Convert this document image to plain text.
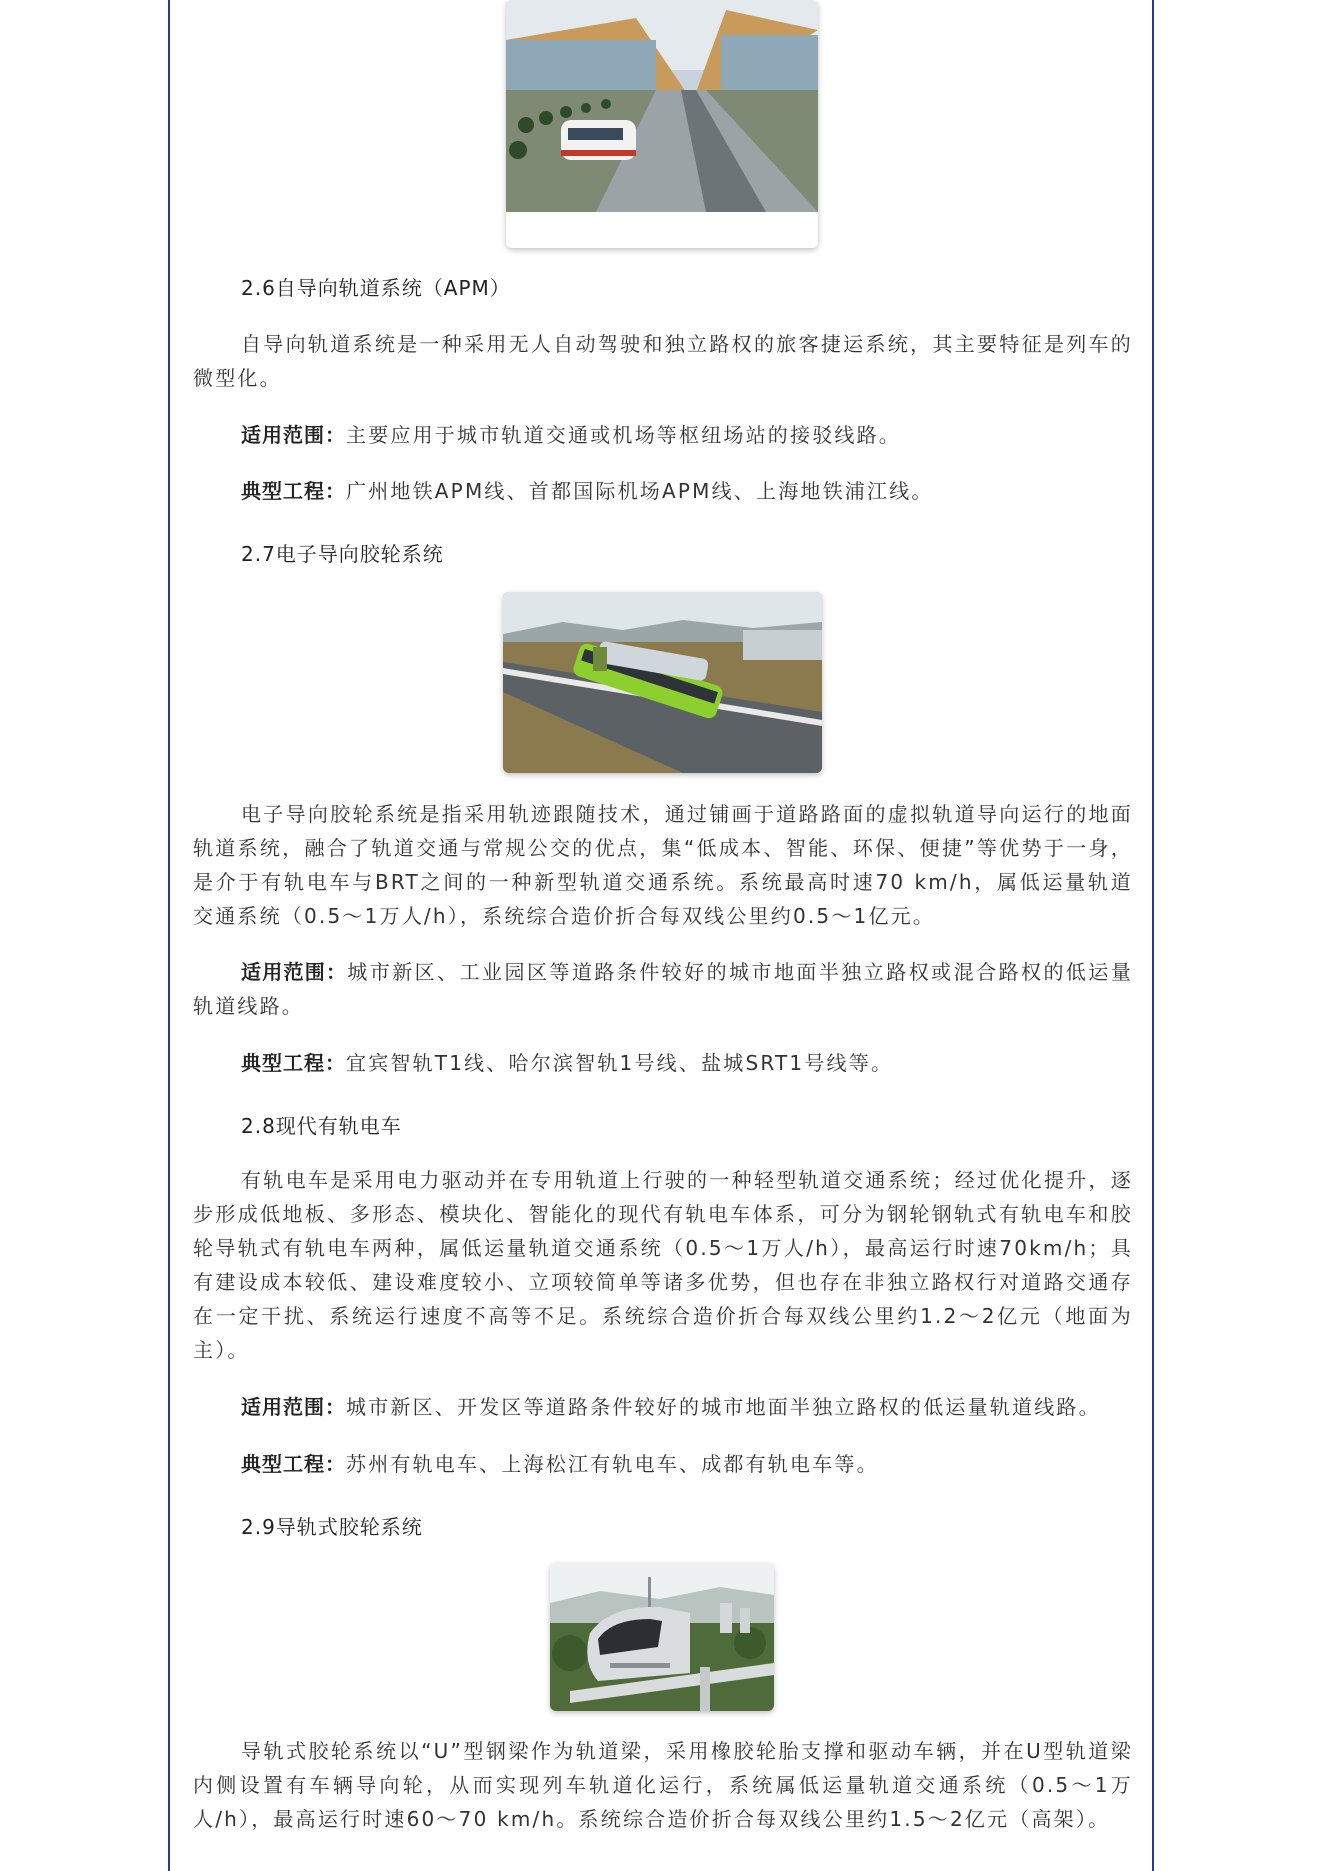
2.6自导向轨道系统（APM）
自导向轨道系统是一种采用无人自动驾驶和独立路权的旅客捷运系统，其主要特征是列车的微型化。
适用范围：主要应用于城市轨道交通或机场等枢纽场站的接驳线路。
典型工程：广州地铁APM线、首都国际机场APM线、上海地铁浦江线。
2.7电子导向胶轮系统
电子导向胶轮系统是指采用轨迹跟随技术，通过铺画于道路路面的虚拟轨道导向运行的地面轨道系统，融合了轨道交通与常规公交的优点，集“低成本、智能、环保、便捷”等优势于一身，是介于有轨电车与BRT之间的一种新型轨道交通系统。系统最高时速70 km/h，属低运量轨道交通系统（0.5～1万人/h），系统综合造价折合每双线公里约0.5～1亿元。
适用范围：城市新区、工业园区等道路条件较好的城市地面半独立路权或混合路权的低运量轨道线路。
典型工程：宜宾智轨T1线、哈尔滨智轨1号线、盐城SRT1号线等。
2.8现代有轨电车
有轨电车是采用电力驱动并在专用轨道上行驶的一种轻型轨道交通系统；经过优化提升，逐步形成低地板、多形态、模块化、智能化的现代有轨电车体系，可分为钢轮钢轨式有轨电车和胶轮导轨式有轨电车两种，属低运量轨道交通系统（0.5～1万人/h），最高运行时速70km/h；具有建设成本较低、建设难度较小、立项较简单等诸多优势，但也存在非独立路权行对道路交通存在一定干扰、系统运行速度不高等不足。系统综合造价折合每双线公里约1.2～2亿元（地面为主）。
适用范围：城市新区、开发区等道路条件较好的城市地面半独立路权的低运量轨道线路。
典型工程：苏州有轨电车、上海松江有轨电车、成都有轨电车等。
2.9导轨式胶轮系统
导轨式胶轮系统以“U”型钢梁作为轨道梁，采用橡胶轮胎支撑和驱动车辆，并在U型轨道梁内侧设置有车辆导向轮，从而实现列车轨道化运行，系统属低运量轨道交通系统（0.5～1万人/h），最高运行时速60～70 km/h。系统综合造价折合每双线公里约1.5～2亿元（高架）。
